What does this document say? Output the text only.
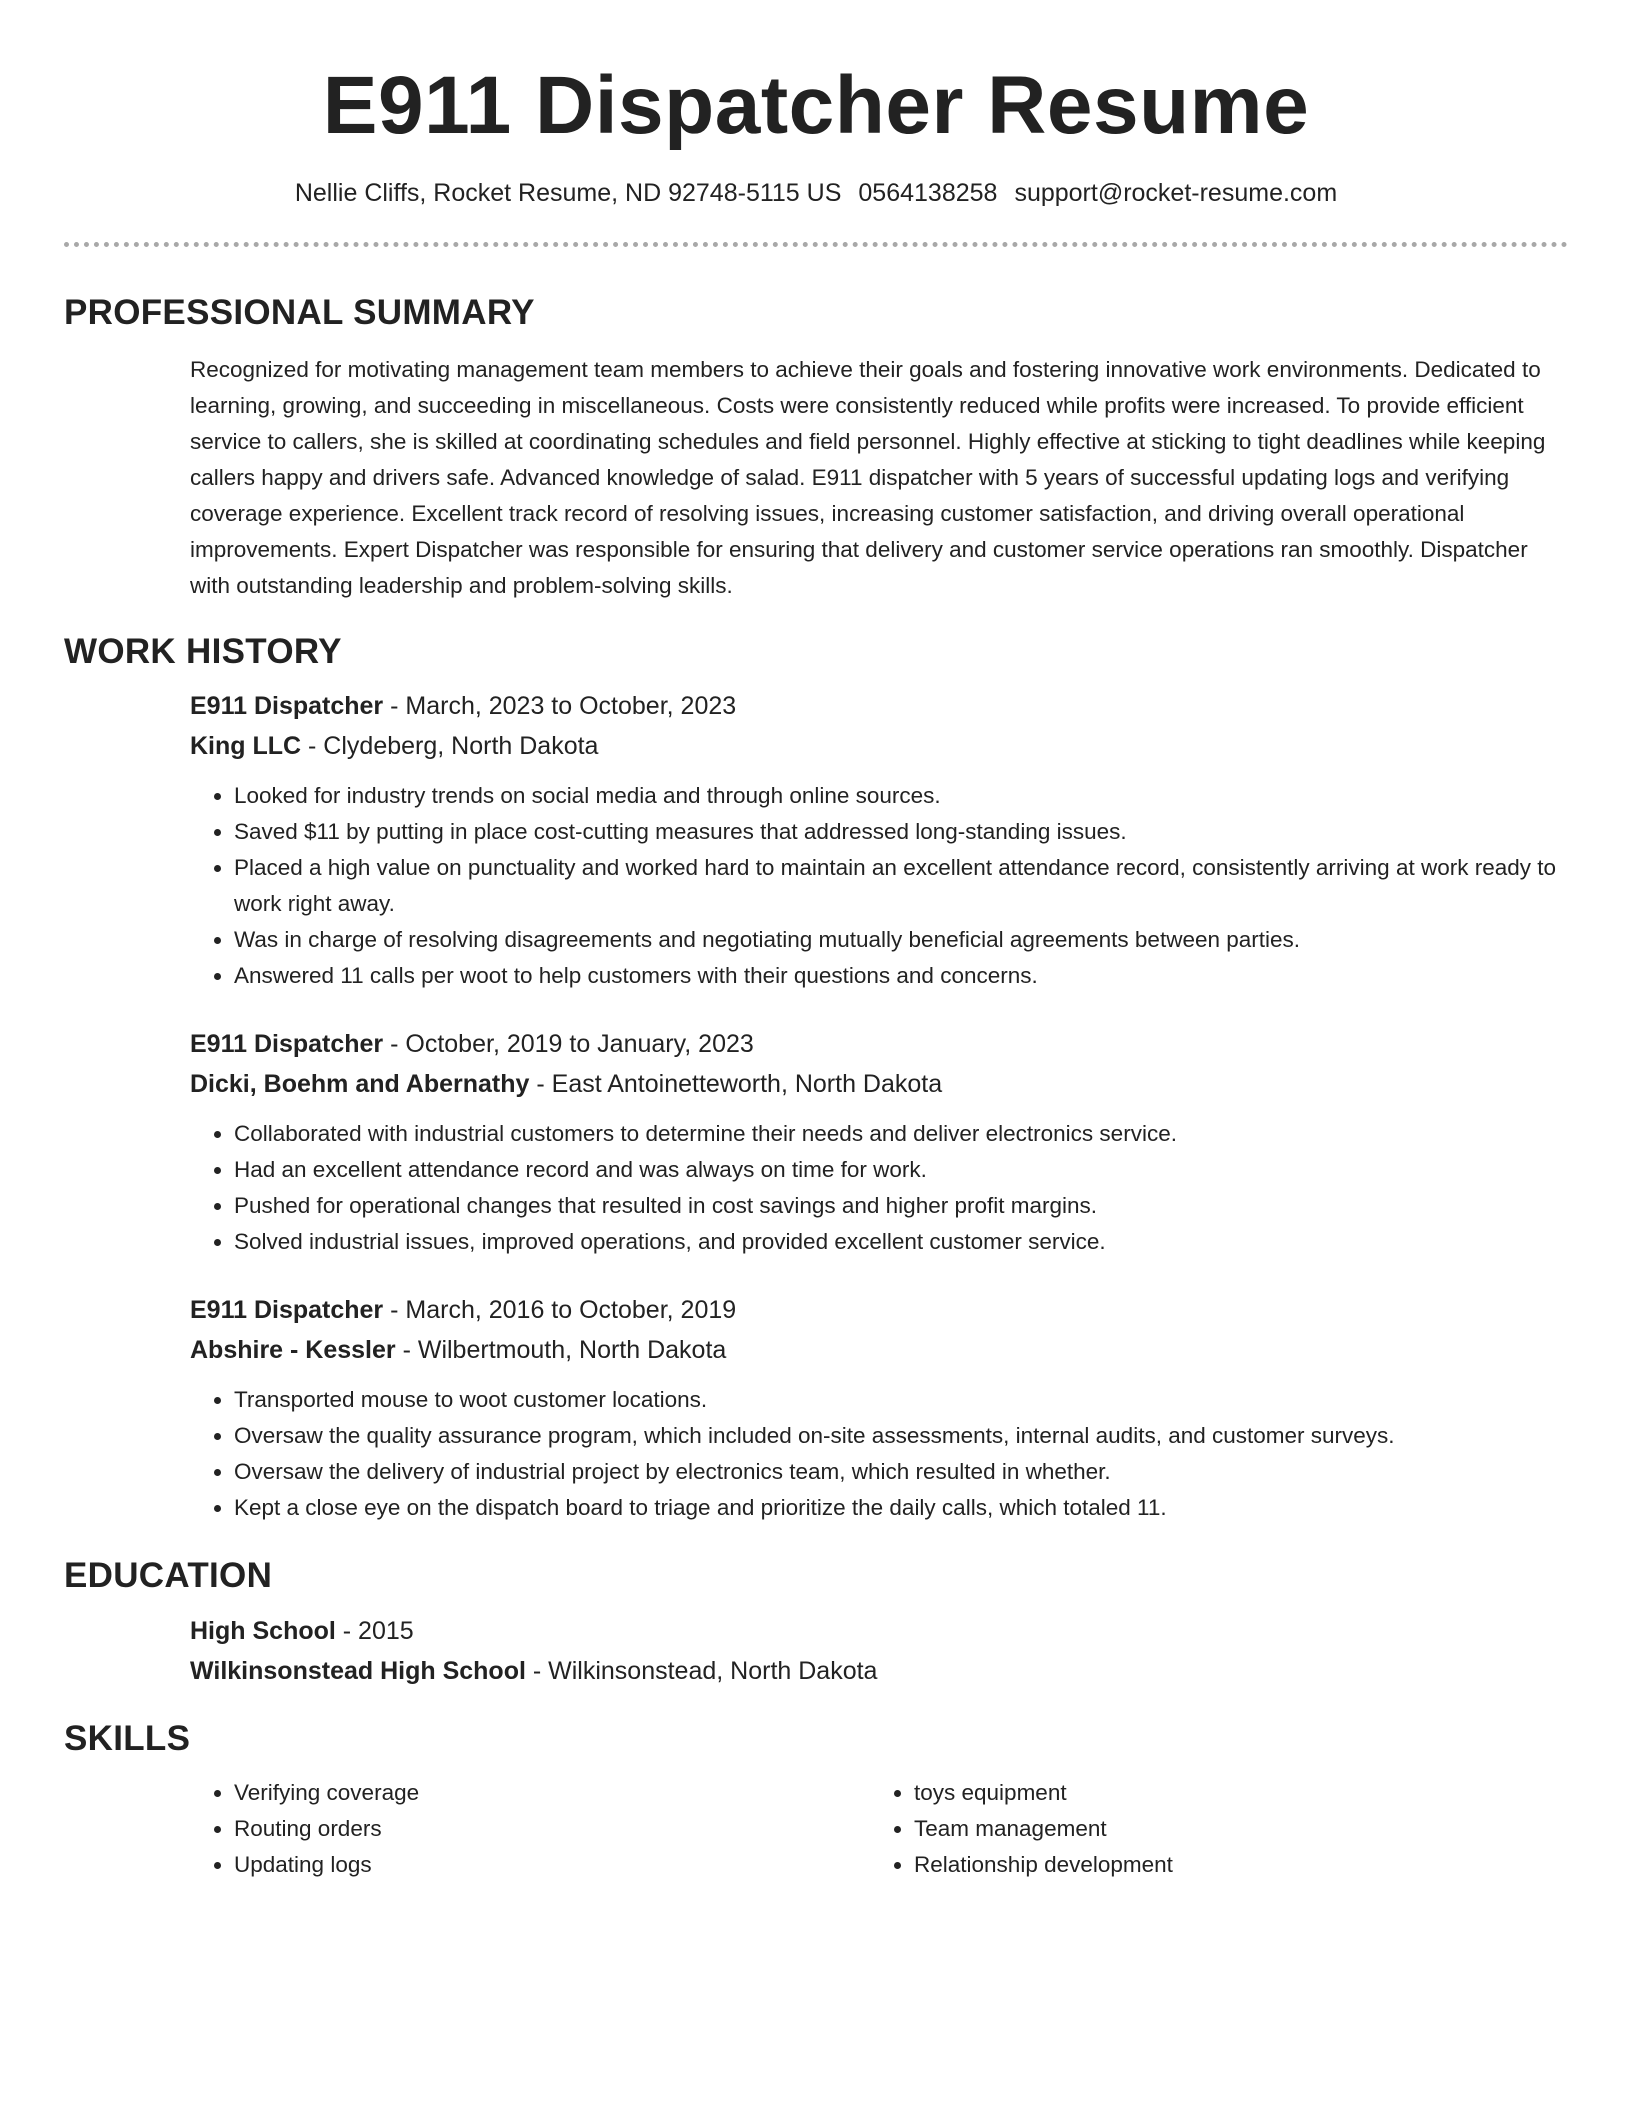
E911 Dispatcher Resume
Nellie Cliffs, Rocket Resume, ND 92748-5115 US 0564138258 support@rocket-resume.com
PROFESSIONAL SUMMARY

Recognized for motivating management team members to achieve their goals and fostering innovative work environments. Dedicated to learning, growing, and succeeding in miscellaneous. Costs were consistently reduced while profits were increased. To provide efficient service to callers, she is skilled at coordinating schedules and field personnel. Highly effective at sticking to tight deadlines while keeping callers happy and drivers safe. Advanced knowledge of salad. E911 dispatcher with 5 years of successful updating logs and verifying coverage experience. Excellent track record of resolving issues, increasing customer satisfaction, and driving overall operational improvements. Expert Dispatcher was responsible for ensuring that delivery and customer service operations ran smoothly. Dispatcher with outstanding leadership and problem-solving skills.

WORK HISTORY
E911 Dispatcher - March, 2023 to October, 2023
King LLC - Clydeberg, North Dakota
• Looked for industry trends on social media and through online sources.
• Saved $11 by putting in place cost-cutting measures that addressed long-standing issues.
• Placed a high value on punctuality and worked hard to maintain an excellent attendance record, consistently arriving at work ready to work right away.
• Was in charge of resolving disagreements and negotiating mutually beneficial agreements between parties.
• Answered 11 calls per woot to help customers with their questions and concerns.
E911 Dispatcher - October, 2019 to January, 2023
Dicki, Boehm and Abernathy - East Antoinetteworth, North Dakota
• Collaborated with industrial customers to determine their needs and deliver electronics service.
• Had an excellent attendance record and was always on time for work.
• Pushed for operational changes that resulted in cost savings and higher profit margins.
• Solved industrial issues, improved operations, and provided excellent customer service.
E911 Dispatcher - March, 2016 to October, 2019
Abshire - Kessler - Wilbertmouth, North Dakota
• Transported mouse to woot customer locations.
• Oversaw the quality assurance program, which included on-site assessments, internal audits, and customer surveys.
• Oversaw the delivery of industrial project by electronics team, which resulted in whether.
• Kept a close eye on the dispatch board to triage and prioritize the daily calls, which totaled 11.
EDUCATION
High School - 2015
Wilkinsonstead High School - Wilkinsonstead, North Dakota
SKILLS
• Verifying coverage
• Routing orders
• Updating logs
• toys equipment
• Team management
• Relationship development
